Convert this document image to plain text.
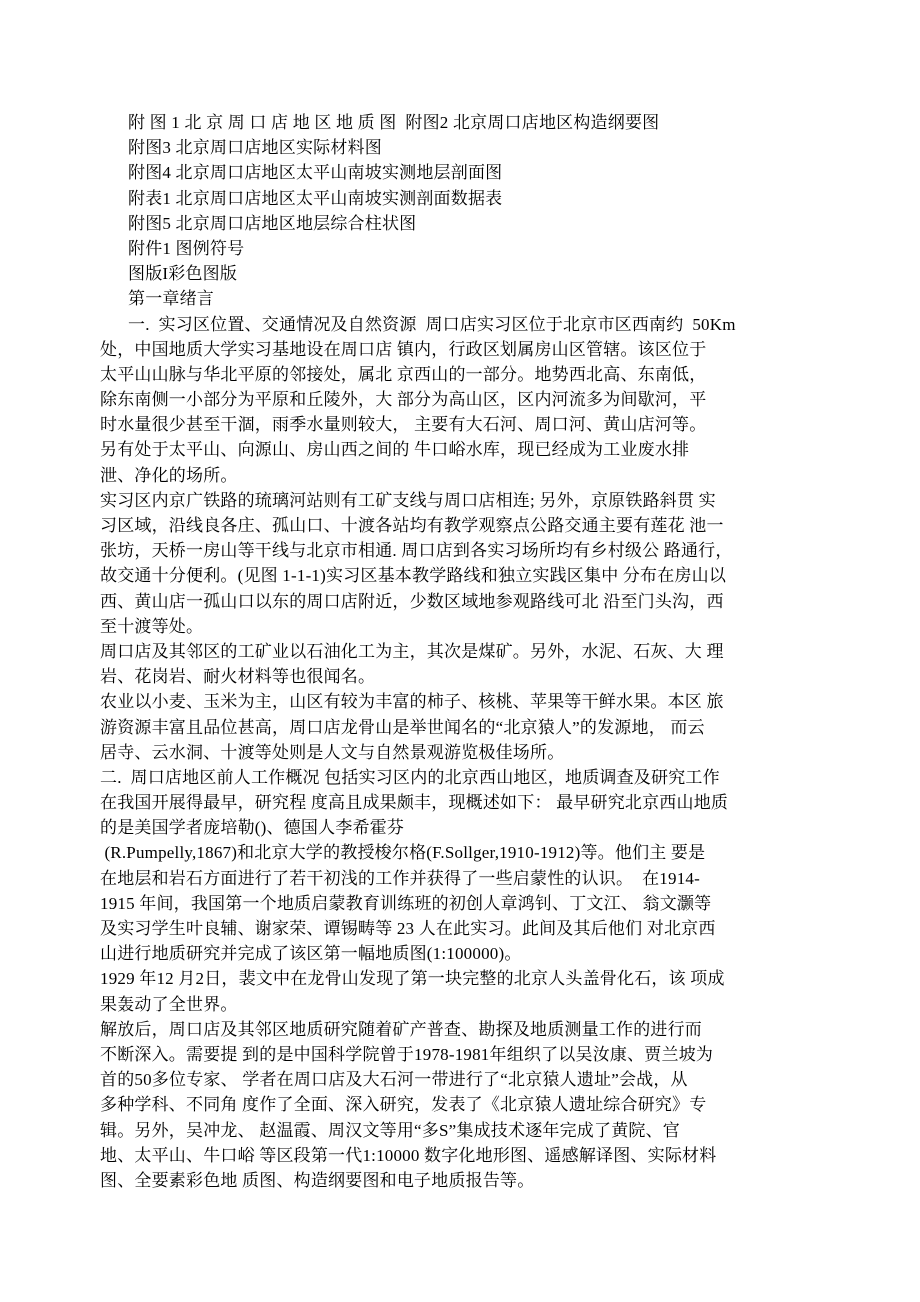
附 图 1 北 京 周 口 店 地 区 地 质 图  附图2 北京周口店地区构造纲要图
附图3 北京周口店地区实际材料图
附图4 北京周口店地区太平山南坡实测地层剖面图
附表1 北京周口店地区太平山南坡实测剖面数据表
附图5 北京周口店地区地层综合柱状图
附件1 图例符号
图版I彩色图版
第一章绪言
一.  实习区位置、交通情况及自然资源  周口店实习区位于北京市区西南约  50Km
处，中国地质大学实习基地设在周口店 镇内，行政区划属房山区管辖。该区位于
太平山山脉与华北平原的邻接处，属北 京西山的一部分。地势西北高、东南低，
除东南侧一小部分为平原和丘陵外，大 部分为高山区，区内河流多为间歇河，平
时水量很少甚至干涸，雨季水量则较大， 主要有大石河、周口河、黄山店河等。
另有处于太平山、向源山、房山西之间的 牛口峪水库，现已经成为工业废水排
泄、净化的场所。
实习区内京广铁路的琉璃河站则有工矿支线与周口店相连; 另外，京原铁路斜贯 实
习区域，沿线良各庄、孤山口、十渡各站均有教学观察点公路交通主要有莲花 池一
张坊，天桥一房山等干线与北京市相通. 周口店到各实习场所均有乡村级公 路通行，
故交通十分便利。(见图 1-1-1)实习区基本教学路线和独立实践区集中 分布在房山以
西、黄山店一孤山口以东的周口店附近，少数区域地参观路线可北 沿至门头沟，西
至十渡等处。
周口店及其邻区的工矿业以石油化工为主，其次是煤矿。另外，水泥、石灰、大 理
岩、花岗岩、耐火材料等也很闻名。
农业以小麦、玉米为主，山区有较为丰富的柿子、核桃、苹果等干鲜水果。本区 旅
游资源丰富且品位甚高，周口店龙骨山是举世闻名的“北京猿人”的发源地， 而云
居寺、云水洞、十渡等处则是人文与自然景观游览极佳场所。
二.  周口店地区前人工作概况 包括实习区内的北京西山地区，地质调查及研究工作
在我国开展得最早，研究程 度高且成果颇丰，现概述如下： 最早研究北京西山地质
的是美国学者庞培勒()、德国人李希霍芬
(R.Pumpelly,1867)和北京大学的教授梭尔格(F.Sollger,1910-1912)等。他们主 要是
在地层和岩石方面进行了若干初浅的工作并获得了一些启蒙性的认识。  在1914-
1915 年间，我国第一个地质启蒙教育训练班的初创人章鸿钊、丁文江、 翁文灏等
及实习学生叶良辅、谢家荣、谭锡畴等 23 人在此实习。此间及其后他们 对北京西
山进行地质研究并完成了该区第一幅地质图(1:100000)。
1929 年12 月2日，裴文中在龙骨山发现了第一块完整的北京人头盖骨化石，该 项成
果轰动了全世界。
解放后，周口店及其邻区地质研究随着矿产普查、勘探及地质测量工作的进行而
不断深入。需要提 到的是中国科学院曾于1978-1981年组织了以吴汝康、贾兰坡为
首的50多位专家、 学者在周口店及大石河一带进行了“北京猿人遗址”会战，从
多种学科、不同角 度作了全面、深入研究，发表了《北京猿人遗址综合研究》专
辑。另外，吴冲龙、 赵温霞、周汉文等用“多S”集成技术逐年完成了黄院、官
地、太平山、牛口峪 等区段第一代1:10000 数字化地形图、遥感解译图、实际材料
图、全要素彩色地 质图、构造纲要图和电子地质报告等。
